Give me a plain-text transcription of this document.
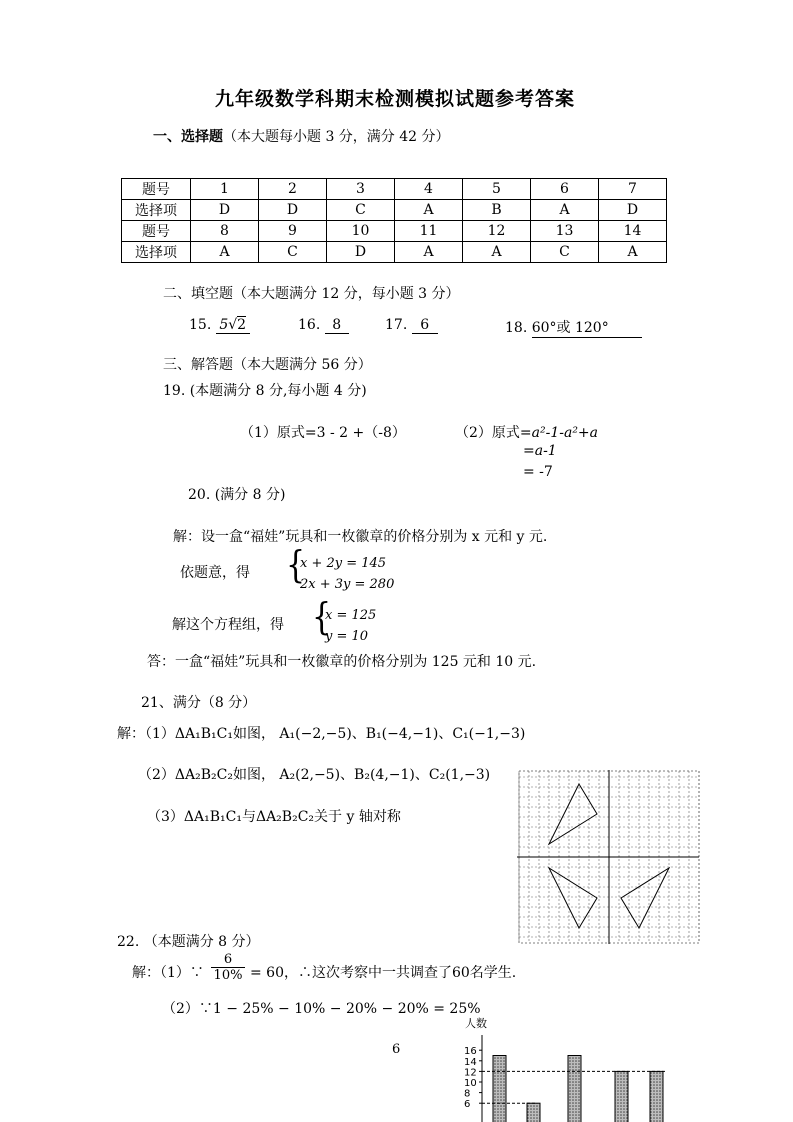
九年级数学科期末检测模拟试题参考答案
一、选择题（本大题每小题 3 分，满分 42 分）
题号	1	2	3	4	5	6	7
选择项	D	D	C	A	B	A	D
题号	8	9	10	11	12	13	14
选择项	A	C	D	A	A	C	A
二、填空题（本大题满分 12 分，每小题 3 分）
15. 5√2	16. 8	17. 6	18. 60°或 120°
三、解答题（本大题满分 56 分）
19. (本题满分 8 分,每小题 4 分)
（1）原式=3 - 2 +（-8）	（2）原式=a²-1-a²+a
=a-1
= -7
20. (满分 8 分)
解：设一盒“福娃”玩具和一枚徽章的价格分别为 x 元和 y 元.
依题意，得 {
x + 2y = 145
2x + 3y = 280
解这个方程组，得 {
x = 125
y = 10
答：一盒“福娃”玩具和一枚徽章的价格分别为 125 元和 10 元.
21、满分（8 分）
解：（1）ΔA₁B₁C₁如图， A₁(−2,−5)、B₁(−4,−1)、C₁(−1,−3)
（2）ΔA₂B₂C₂如图， A₂(2,−5)、B₂(4,−1)、C₂(1,−3)
（3）ΔA₁B₁C₁与ΔA₂B₂C₂关于 y 轴对称
22. （本题满分 8 分）
解：（1）∵ $\frac{6}{10\%} = 60$，∴这次考察中一共调查了60名学生.
（2）∵1 − 25% − 10% − 20% − 20% = 25%
6
人数
16
14
12
10
8
6
